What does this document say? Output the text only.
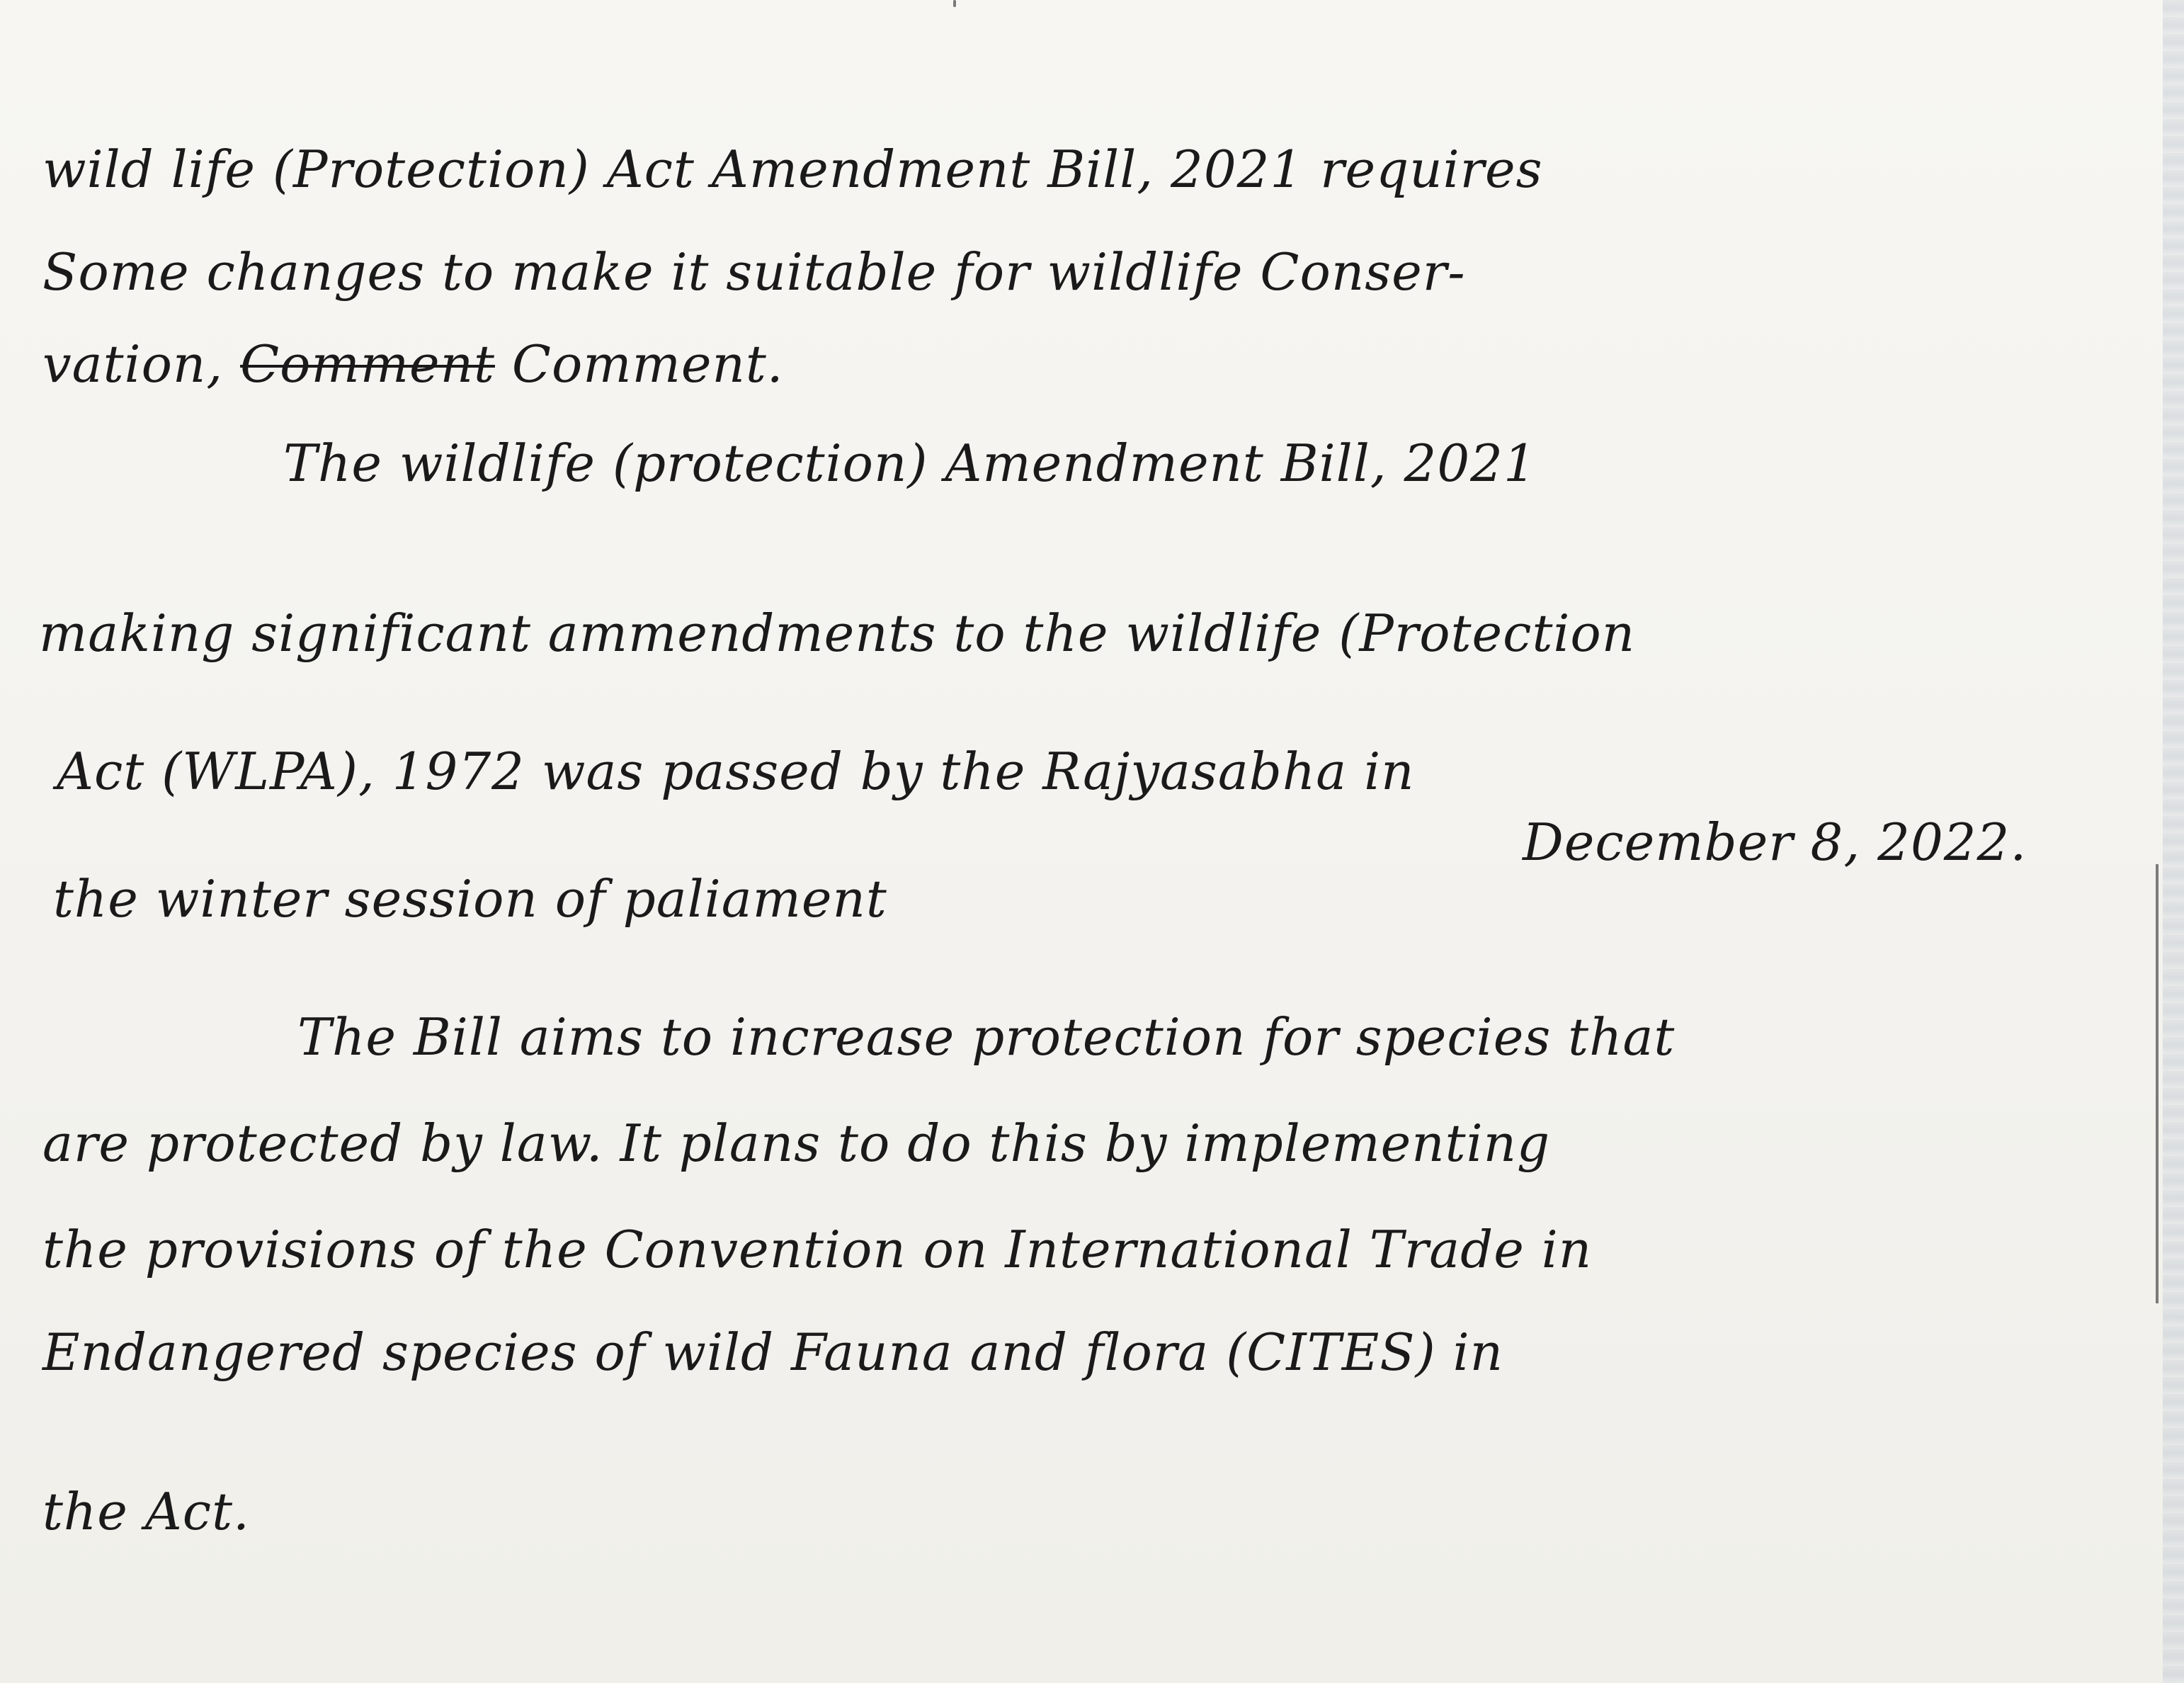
wild life (Protection) Act Amendment Bill, 2021 requires
Some changes to make it suitable for wildlife Conser-
vation, Comment Comment.
The wildlife (protection) Amendment Bill, 2021
making significant ammendments to the wildlife (Protection
Act (WLPA), 1972 was passed by the Rajyasabha in
December 8, 2022.
the winter session of paliament
The Bill aims to increase protection for species that
are protected by law. It plans to do this by implementing
the provisions of the Convention on International Trade in
Endangered species of wild Fauna and flora (CITES) in
the Act.
